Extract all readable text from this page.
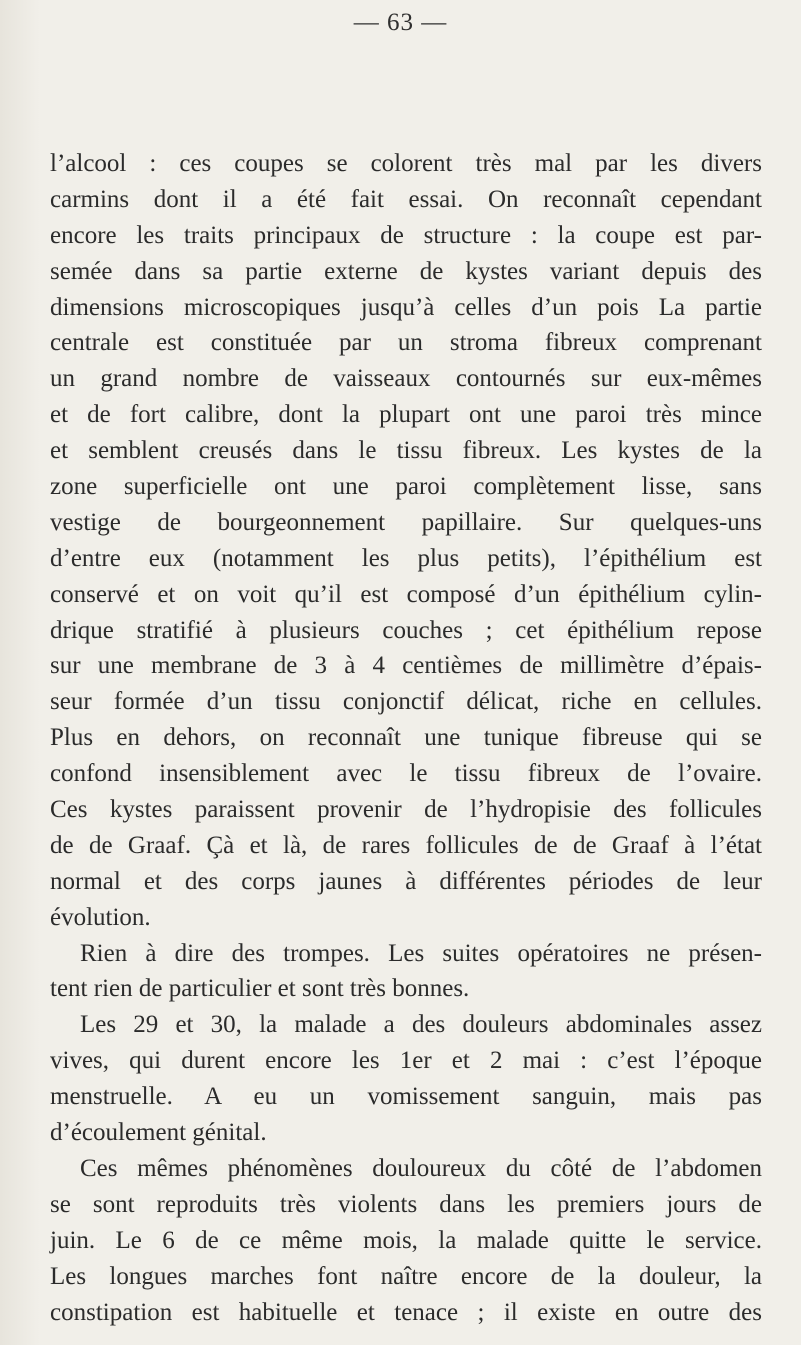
— 63 —
l’alcool : ces coupes se colorent très mal par les divers
carmins dont il a été fait essai. On reconnaît cependant
encore les traits principaux de structure : la coupe est par-
semée dans sa partie externe de kystes variant depuis des
dimensions microscopiques jusqu’à celles d’un pois La partie
centrale est constituée par un stroma fibreux comprenant
un grand nombre de vaisseaux contournés sur eux-mêmes
et de fort calibre, dont la plupart ont une paroi très mince
et semblent creusés dans le tissu fibreux. Les kystes de la
zone superficielle ont une paroi complètement lisse, sans
vestige de bourgeonnement papillaire. Sur quelques-uns
d’entre eux (notamment les plus petits), l’épithélium est
conservé et on voit qu’il est composé d’un épithélium cylin-
drique stratifié à plusieurs couches ; cet épithélium repose
sur une membrane de 3 à 4 centièmes de millimètre d’épais-
seur formée d’un tissu conjonctif délicat, riche en cellules.
Plus en dehors, on reconnaît une tunique fibreuse qui se
confond insensiblement avec le tissu fibreux de l’ovaire.
Ces kystes paraissent provenir de l’hydropisie des follicules
de de Graaf. Çà et là, de rares follicules de de Graaf à l’état
normal et des corps jaunes à différentes périodes de leur
évolution.
Rien à dire des trompes. Les suites opératoires ne présen-
tent rien de particulier et sont très bonnes.
Les 29 et 30, la malade a des douleurs abdominales assez
vives, qui durent encore les 1er et 2 mai : c’est l’époque
menstruelle. A eu un vomissement sanguin, mais pas
d’écoulement génital.
Ces mêmes phénomènes douloureux du côté de l’abdomen
se sont reproduits très violents dans les premiers jours de
juin. Le 6 de ce même mois, la malade quitte le service.
Les longues marches font naître encore de la douleur, la
constipation est habituelle et tenace ; il existe en outre des
